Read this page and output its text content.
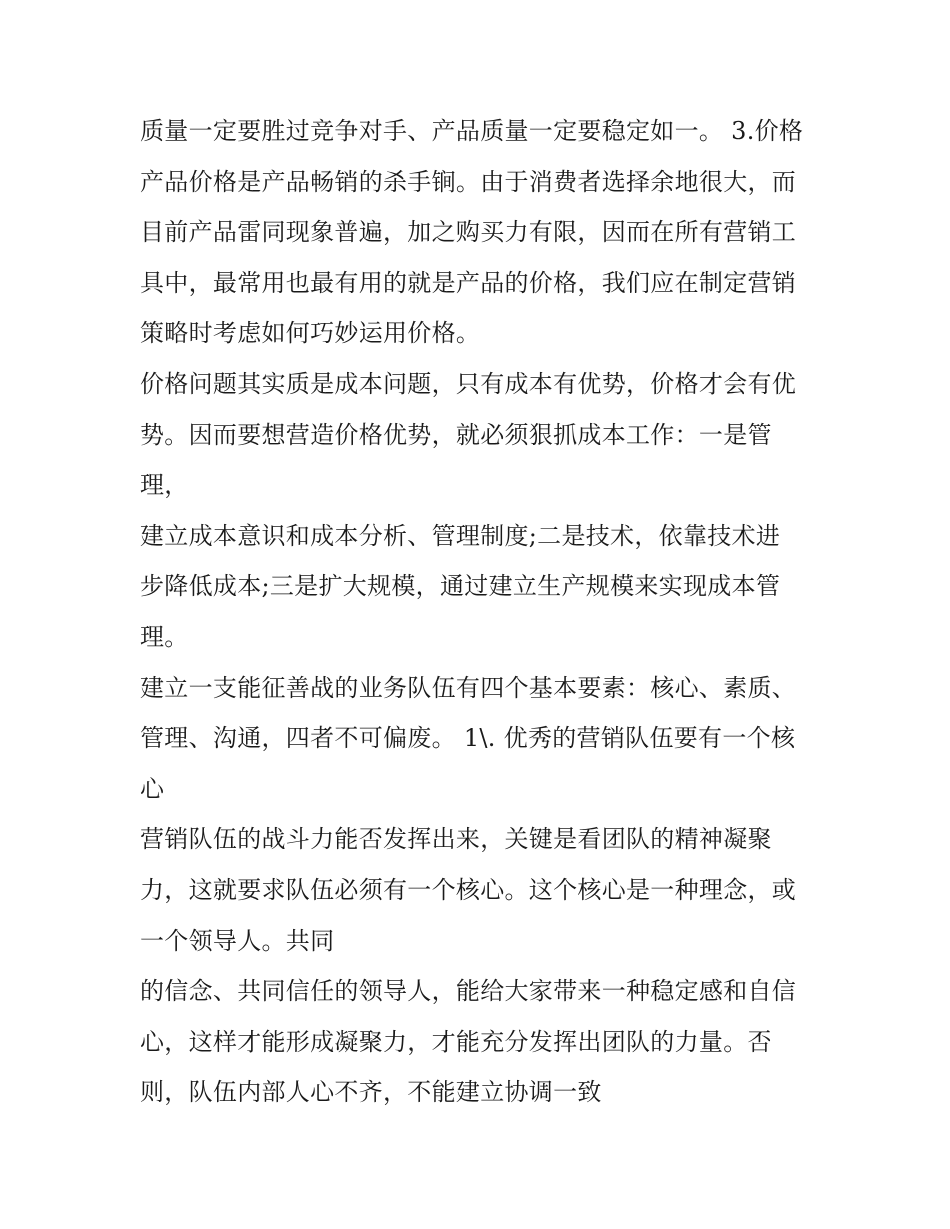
质量一定要胜过竞争对手、产品质量一定要稳定如一。 3.价格
产品价格是产品畅销的杀手锏。由于消费者选择余地很大，而
目前产品雷同现象普遍，加之购买力有限，因而在所有营销工
具中，最常用也最有用的就是产品的价格，我们应在制定营销
策略时考虑如何巧妙运用价格。
价格问题其实质是成本问题，只有成本有优势，价格才会有优
势。因而要想营造价格优势，就必须狠抓成本工作：一是管
理，
建立成本意识和成本分析、管理制度;二是技术，依靠技术进
步降低成本;三是扩大规模，通过建立生产规模来实现成本管
理。
建立一支能征善战的业务队伍有四个基本要素：核心、素质、
管理、沟通，四者不可偏废。 1\. 优秀的营销队伍要有一个核
心
营销队伍的战斗力能否发挥出来，关键是看团队的精神凝聚
力，这就要求队伍必须有一个核心。这个核心是一种理念，或
一个领导人。共同
的信念、共同信任的领导人，能给大家带来一种稳定感和自信
心，这样才能形成凝聚力，才能充分发挥出团队的力量。否
则，队伍内部人心不齐，不能建立协调一致
